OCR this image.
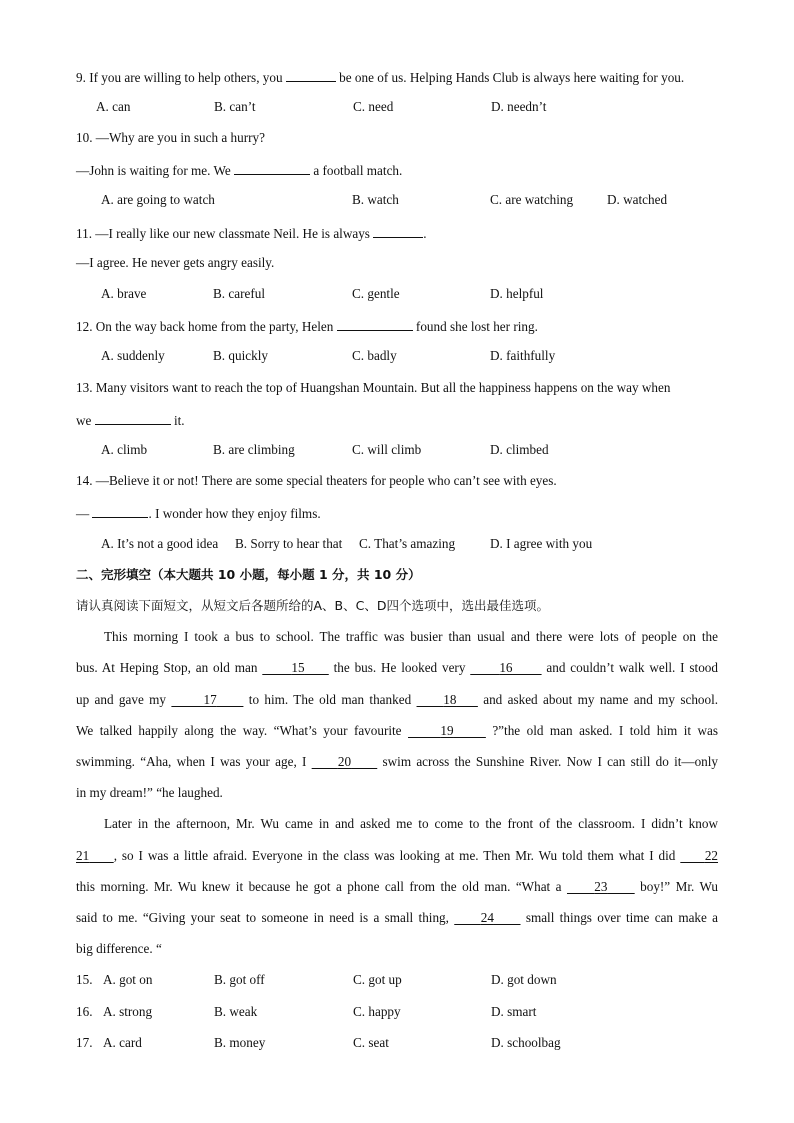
9. If you are willing to help others, you	be one of us. Helping Hands Club is always here waiting for you.
A. can	B. can’t	C. need	D. needn’t
10. —Why are you in such a hurry?
—John is waiting for me. We	a football match.
A. are going to watch	B. watch	C. are watching	D. watched
11. —I really like our new classmate Neil. He is always	.
—I agree. He never gets angry easily.
A. brave	B. careful	C. gentle	D. helpful
12. On the way back home from the party, Helen	found she lost her ring.
A. suddenly	B. quickly	C. badly	D. faithfully
13. Many visitors want to reach the top of Huangshan Mountain. But all the happiness happens on the way when
we	it.
A. climb	B. are climbing	C. will climb	D. climbed
14. —Believe it or not! There are some special theaters for people who can’t see with eyes.
—	. I wonder how they enjoy films.
A. It’s not a good idea B. Sorry to hear that C. That’s amazing	D. I agree with you
二、完形填空（本大题共 10 小题，每小题 1 分，共 10 分）
请认真阅读下面短文，从短文后各题所给的A、B、C、D四个选项中，选出最佳选项。
This morning I took a bus to school. The traffic was busier than usual and there were lots of people on the
bus. At Heping Stop, an old man	15 the bus. He looked very	16	and couldn’t walk well. I stood
up and gave my	17 to him. The old man thanked 18 and asked about my name and my school.
We talked happily along the way. “What’s your favourite	19	?”the old man asked. I told him it was
swimming. “Aha, when I was your age, I 20 swim across the Sunshine River. Now I can still do it—only
in my dream!” “he laughed.
Later in the afternoon, Mr. Wu came in and asked me to come to the front of the classroom. I didn’t know
21 , so I was a little afraid. Everyone in the class was looking at me. Then Mr. Wu told them what I did 22
this morning. Mr. Wu knew it because he got a phone call from the old man. “What a 23 boy!” Mr. Wu
said to me. “Giving your seat to someone in need is a small thing, 24 small things over time can make a
big difference. “
15. A. got on	B. got off	C. got up	D. got down
16. A. strong	B. weak	C. happy	D. smart
17. A. card	B. money	C. seat	D. schoolbag
